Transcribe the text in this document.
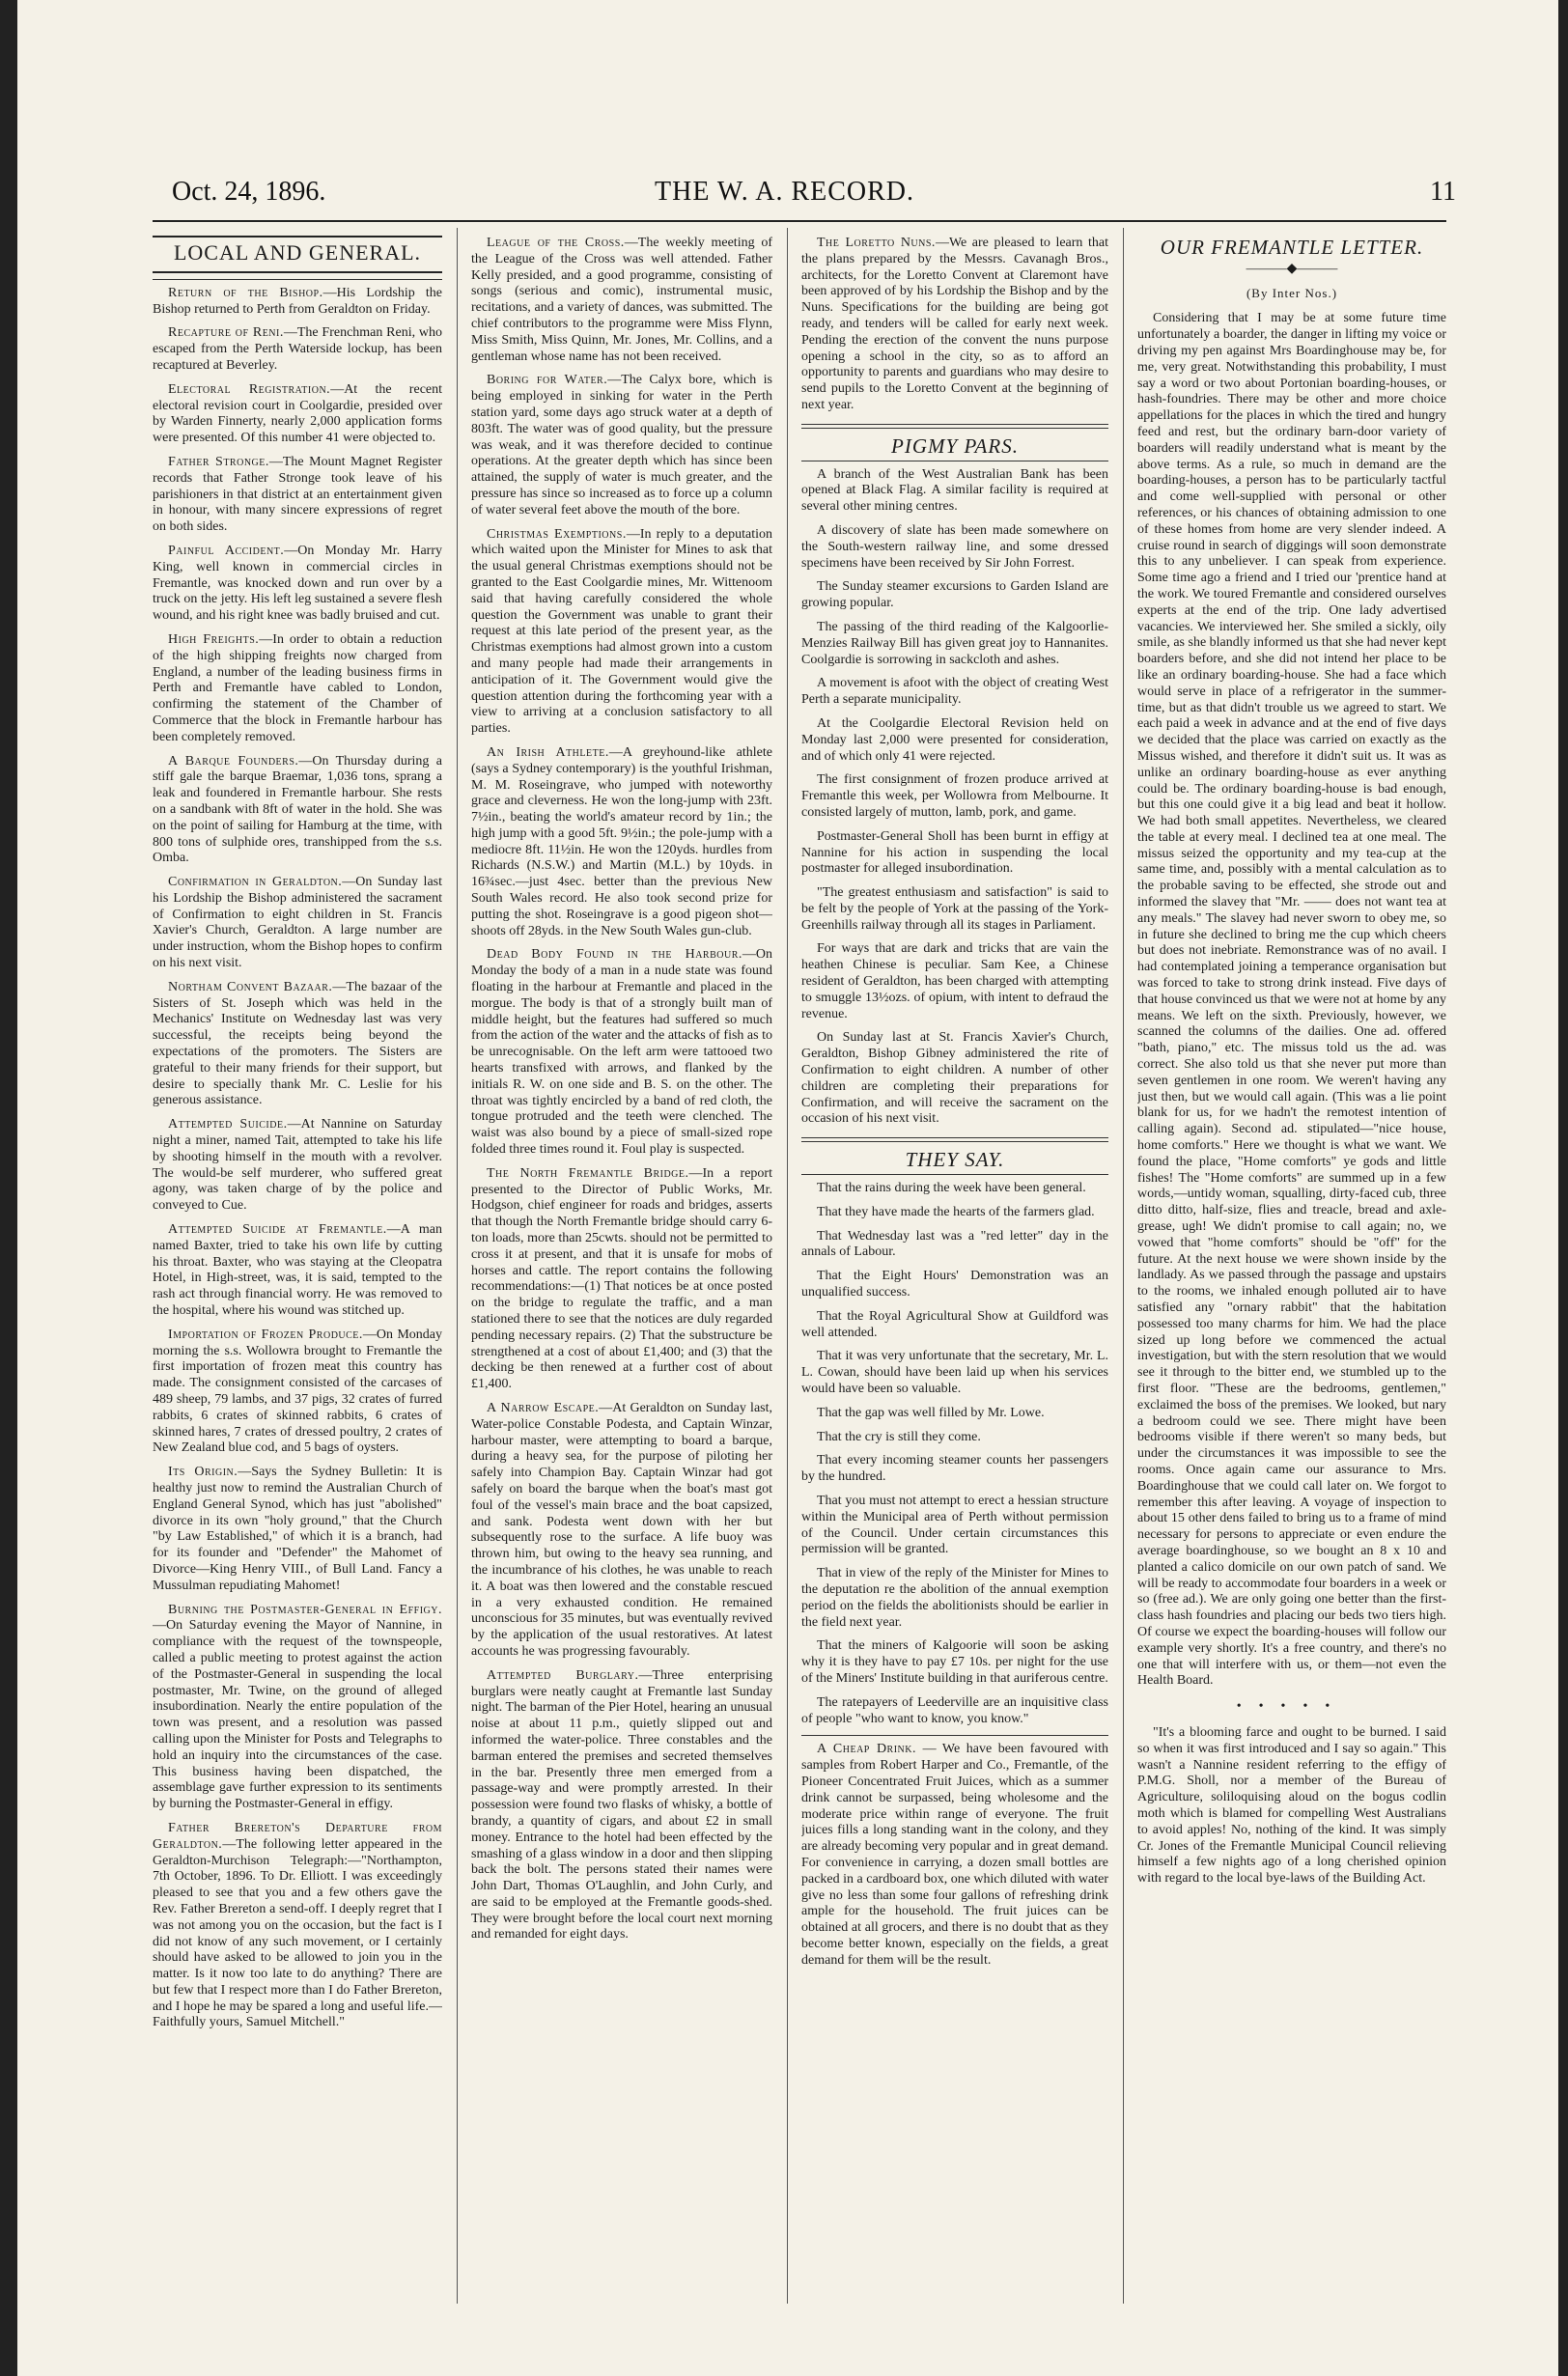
Oct. 24, 1896.	THE W. A. RECORD.	11
LOCAL AND GENERAL.

Return of the Bishop.—His Lordship the Bishop returned to Perth from Geraldton on Friday.

Recapture of Reni.—The Frenchman Reni, who escaped from the Perth Waterside lockup, has been recaptured at Beverley.

Electoral Registration.—At the recent electoral revision court in Coolgardie, presided over by Warden Finnerty, nearly 2,000 application forms were presented. Of this number 41 were objected to.

Father Stronge.—The Mount Magnet Register records that Father Stronge took leave of his parishioners in that district at an entertainment given in honour, with many sincere expressions of regret on both sides.

Painful Accident.—On Monday Mr. Harry King, well known in commercial circles in Fremantle, was knocked down and run over by a truck on the jetty. His left leg sustained a severe flesh wound, and his right knee was badly bruised and cut.

High Freights.—In order to obtain a reduction of the high shipping freights now charged from England, a number of the leading business firms in Perth and Fremantle have cabled to London, confirming the statement of the Chamber of Commerce that the block in Fremantle harbour has been completely removed.

A Barque Founders.—On Thursday during a stiff gale the barque Braemar, 1,036 tons, sprang a leak and foundered in Fremantle harbour. She rests on a sandbank with 8ft of water in the hold. She was on the point of sailing for Hamburg at the time, with 800 tons of sulphide ores, transhipped from the s.s. Omba.

Confirmation in Geraldton.—On Sunday last his Lordship the Bishop administered the sacrament of Confirmation to eight children in St. Francis Xavier's Church, Geraldton. A large number are under instruction, whom the Bishop hopes to confirm on his next visit.

Northam Convent Bazaar.—The bazaar of the Sisters of St. Joseph which was held in the Mechanics' Institute on Wednesday last was very successful, the receipts being beyond the expectations of the promoters. The Sisters are grateful to their many friends for their support, but desire to specially thank Mr. C. Leslie for his generous assistance.

Attempted Suicide.—At Nannine on Saturday night a miner, named Tait, attempted to take his life by shooting himself in the mouth with a revolver. The would-be self murderer, who suffered great agony, was taken charge of by the police and conveyed to Cue.

Attempted Suicide at Fremantle.—A man named Baxter, tried to take his own life by cutting his throat. Baxter, who was staying at the Cleopatra Hotel, in High-street, was, it is said, tempted to the rash act through financial worry. He was removed to the hospital, where his wound was stitched up.

Importation of Frozen Produce.—On Monday morning the s.s. Wollowra brought to Fremantle the first importation of frozen meat this country has made. The consignment consisted of the carcases of 489 sheep, 79 lambs, and 37 pigs, 32 crates of furred rabbits, 6 crates of skinned rabbits, 6 crates of skinned hares, 7 crates of dressed poultry, 2 crates of New Zealand blue cod, and 5 bags of oysters.

Its Origin.—Says the Sydney Bulletin: It is healthy just now to remind the Australian Church of England General Synod, which has just "abolished" divorce in its own "holy ground," that the Church "by Law Established," of which it is a branch, had for its founder and "Defender" the Mahomet of Divorce—King Henry VIII., of Bull Land. Fancy a Mussulman repudiating Mahomet!

Burning the Postmaster-General in Effigy.—On Saturday evening the Mayor of Nannine, in compliance with the request of the townspeople, called a public meeting to protest against the action of the Postmaster-General in suspending the local postmaster, Mr. Twine, on the ground of alleged insubordination. Nearly the entire population of the town was present, and a resolution was passed calling upon the Minister for Posts and Telegraphs to hold an inquiry into the circumstances of the case. This business having been dispatched, the assemblage gave further expression to its sentiments by burning the Postmaster-General in effigy.

Father Brereton's Departure from Geraldton.—The following letter appeared in the Geraldton-Murchison Telegraph:—"Northampton, 7th October, 1896. To Dr. Elliott. I was exceedingly pleased to see that you and a few others gave the Rev. Father Brereton a send-off. I deeply regret that I was not among you on the occasion, but the fact is I did not know of any such movement, or I certainly should have asked to be allowed to join you in the matter. Is it now too late to do anything? There are but few that I respect more than I do Father Brereton, and I hope he may be spared a long and useful life.—Faithfully yours, Samuel Mitchell."

League of the Cross.—The weekly meeting of the League of the Cross was well attended. Father Kelly presided, and a good programme, consisting of songs (serious and comic), instrumental music, recitations, and a variety of dances, was submitted. The chief contributors to the programme were Miss Flynn, Miss Smith, Miss Quinn, Mr. Jones, Mr. Collins, and a gentleman whose name has not been received.

Boring for Water.—The Calyx bore, which is being employed in sinking for water in the Perth station yard, some days ago struck water at a depth of 803ft. The water was of good quality, but the pressure was weak, and it was therefore decided to continue operations. At the greater depth which has since been attained, the supply of water is much greater, and the pressure has since so increased as to force up a column of water several feet above the mouth of the bore.

Christmas Exemptions.—In reply to a deputation which waited upon the Minister for Mines to ask that the usual general Christmas exemptions should not be granted to the East Coolgardie mines, Mr. Wittenoom said that having carefully considered the whole question the Government was unable to grant their request at this late period of the present year, as the Christmas exemptions had almost grown into a custom and many people had made their arrangements in anticipation of it. The Government would give the question attention during the forthcoming year with a view to arriving at a conclusion satisfactory to all parties.

An Irish Athlete.—A greyhound-like athlete (says a Sydney contemporary) is the youthful Irishman, M. M. Roseingrave, who jumped with noteworthy grace and cleverness. He won the long-jump with 23ft. 7½in., beating the world's amateur record by 1in.; the high jump with a good 5ft. 9½in.; the pole-jump with a mediocre 8ft. 11½in. He won the 120yds. hurdles from Richards (N.S.W.) and Martin (M.L.) by 10yds. in 16¾sec.—just 4sec. better than the previous New South Wales record. He also took second prize for putting the shot. Roseingrave is a good pigeon shot—shoots off 28yds. in the New South Wales gun-club.

Dead Body Found in the Harbour.—On Monday the body of a man in a nude state was found floating in the harbour at Fremantle and placed in the morgue. The body is that of a strongly built man of middle height, but the features had suffered so much from the action of the water and the attacks of fish as to be unrecognisable. On the left arm were tattooed two hearts transfixed with arrows, and flanked by the initials R. W. on one side and B. S. on the other. The throat was tightly encircled by a band of red cloth, the tongue protruded and the teeth were clenched. The waist was also bound by a piece of small-sized rope folded three times round it. Foul play is suspected.

The North Fremantle Bridge.—In a report presented to the Director of Public Works, Mr. Hodgson, chief engineer for roads and bridges, asserts that though the North Fremantle bridge should carry 6-ton loads, more than 25cwts. should not be permitted to cross it at present, and that it is unsafe for mobs of horses and cattle. The report contains the following recommendations:—(1) That notices be at once posted on the bridge to regulate the traffic, and a man stationed there to see that the notices are duly regarded pending necessary repairs. (2) That the substructure be strengthened at a cost of about £1,400; and (3) that the decking be then renewed at a further cost of about £1,400.

A Narrow Escape.—At Geraldton on Sunday last, Water-police Constable Podesta, and Captain Winzar, harbour master, were attempting to board a barque, during a heavy sea, for the purpose of piloting her safely into Champion Bay. Captain Winzar had got safely on board the barque when the boat's mast got foul of the vessel's main brace and the boat capsized, and sank. Podesta went down with her but subsequently rose to the surface. A life buoy was thrown him, but owing to the heavy sea running, and the incumbrance of his clothes, he was unable to reach it. A boat was then lowered and the constable rescued in a very exhausted condition. He remained unconscious for 35 minutes, but was eventually revived by the application of the usual restoratives. At latest accounts he was progressing favourably.

Attempted Burglary.—Three enterprising burglars were neatly caught at Fremantle last Sunday night. The barman of the Pier Hotel, hearing an unusual noise at about 11 p.m., quietly slipped out and informed the water-police. Three constables and the barman entered the premises and secreted themselves in the bar. Presently three men emerged from a passage-way and were promptly arrested. In their possession were found two flasks of whisky, a bottle of brandy, a quantity of cigars, and about £2 in small money. Entrance to the hotel had been effected by the smashing of a glass window in a door and then slipping back the bolt. The persons stated their names were John Dart, Thomas O'Laughlin, and John Curly, and are said to be employed at the Fremantle goods-shed. They were brought before the local court next morning and remanded for eight days.

The Loretto Nuns.—We are pleased to learn that the plans prepared by the Messrs. Cavanagh Bros., architects, for the Loretto Convent at Claremont have been approved of by his Lordship the Bishop and by the Nuns. Specifications for the building are being got ready, and tenders will be called for early next week. Pending the erection of the convent the nuns purpose opening a school in the city, so as to afford an opportunity to parents and guardians who may desire to send pupils to the Loretto Convent at the beginning of next year.

PIGMY PARS.

A branch of the West Australian Bank has been opened at Black Flag. A similar facility is required at several other mining centres.

A discovery of slate has been made somewhere on the South-western railway line, and some dressed specimens have been received by Sir John Forrest.

The Sunday steamer excursions to Garden Island are growing popular.

The passing of the third reading of the Kalgoorlie-Menzies Railway Bill has given great joy to Hannanites. Coolgardie is sorrowing in sackcloth and ashes.

A movement is afoot with the object of creating West Perth a separate municipality.

At the Coolgardie Electoral Revision held on Monday last 2,000 were presented for consideration, and of which only 41 were rejected.

The first consignment of frozen produce arrived at Fremantle this week, per Wollowra from Melbourne. It consisted largely of mutton, lamb, pork, and game.

Postmaster-General Sholl has been burnt in effigy at Nannine for his action in suspending the local postmaster for alleged insubordination.

"The greatest enthusiasm and satisfaction" is said to be felt by the people of York at the passing of the York-Greenhills railway through all its stages in Parliament.

For ways that are dark and tricks that are vain the heathen Chinese is peculiar. Sam Kee, a Chinese resident of Geraldton, has been charged with attempting to smuggle 13½ozs. of opium, with intent to defraud the revenue.

On Sunday last at St. Francis Xavier's Church, Geraldton, Bishop Gibney administered the rite of Confirmation to eight children. A number of other children are completing their preparations for Confirmation, and will receive the sacrament on the occasion of his next visit.

THEY SAY.

That the rains during the week have been general.

That they have made the hearts of the farmers glad.

That Wednesday last was a "red letter" day in the annals of Labour.

That the Eight Hours' Demonstration was an unqualified success.

That the Royal Agricultural Show at Guildford was well attended.

That it was very unfortunate that the secretary, Mr. L. L. Cowan, should have been laid up when his services would have been so valuable.

That the gap was well filled by Mr. Lowe.

That the cry is still they come.

That every incoming steamer counts her passengers by the hundred.

That you must not attempt to erect a hessian structure within the Municipal area of Perth without permission of the Council. Under certain circumstances this permission will be granted.

That in view of the reply of the Minister for Mines to the deputation re the abolition of the annual exemption period on the fields the abolitionists should be earlier in the field next year.

That the miners of Kalgoorie will soon be asking why it is they have to pay £7 10s. per night for the use of the Miners' Institute building in that auriferous centre.

The ratepayers of Leederville are an inquisitive class of people "who want to know, you know."

A Cheap Drink. — We have been favoured with samples from Robert Harper and Co., Fremantle, of the Pioneer Concentrated Fruit Juices, which as a summer drink cannot be surpassed, being wholesome and the moderate price within range of everyone. The fruit juices fills a long standing want in the colony, and they are already becoming very popular and in great demand. For convenience in carrying, a dozen small bottles are packed in a cardboard box, one which diluted with water give no less than some four gallons of refreshing drink ample for the household. The fruit juices can be obtained at all grocers, and there is no doubt that as they become better known, especially on the fields, a great demand for them will be the result.

OUR FREMANTLE LETTER.
———◆———
(By Inter Nos.)

Considering that I may be at some future time unfortunately a boarder, the danger in lifting my voice or driving my pen against Mrs Boardinghouse may be, for me, very great. Notwithstanding this probability, I must say a word or two about Portonian boarding-houses, or hash-foundries. There may be other and more choice appellations for the places in which the tired and hungry feed and rest, but the ordinary barn-door variety of boarders will readily understand what is meant by the above terms. As a rule, so much in demand are the boarding-houses, a person has to be particularly tactful and come well-supplied with personal or other references, or his chances of obtaining admission to one of these homes from home are very slender indeed. A cruise round in search of diggings will soon demonstrate this to any unbeliever. I can speak from experience. Some time ago a friend and I tried our 'prentice hand at the work. We toured Fremantle and considered ourselves experts at the end of the trip. One lady advertised vacancies. We interviewed her. She smiled a sickly, oily smile, as she blandly informed us that she had never kept boarders before, and she did not intend her place to be like an ordinary boarding-house. She had a face which would serve in place of a refrigerator in the summer-time, but as that didn't trouble us we agreed to start. We each paid a week in advance and at the end of five days we decided that the place was carried on exactly as the Missus wished, and therefore it didn't suit us. It was as unlike an ordinary boarding-house as ever anything could be. The ordinary boarding-house is bad enough, but this one could give it a big lead and beat it hollow. We had both small appetites. Nevertheless, we cleared the table at every meal. I declined tea at one meal. The missus seized the opportunity and my tea-cup at the same time, and, possibly with a mental calculation as to the probable saving to be effected, she strode out and informed the slavey that "Mr. —— does not want tea at any meals." The slavey had never sworn to obey me, so in future she declined to bring me the cup which cheers but does not inebriate. Remonstrance was of no avail. I had contemplated joining a temperance organisation but was forced to take to strong drink instead. Five days of that house convinced us that we were not at home by any means. We left on the sixth. Previously, however, we scanned the columns of the dailies. One ad. offered "bath, piano," etc. The missus told us the ad. was correct. She also told us that she never put more than seven gentlemen in one room. We weren't having any just then, but we would call again. (This was a lie point blank for us, for we hadn't the remotest intention of calling again). Second ad. stipulated—"nice house, home comforts." Here we thought is what we want. We found the place, "Home comforts" ye gods and little fishes! The "Home comforts" are summed up in a few words,—untidy woman, squalling, dirty-faced cub, three ditto ditto, half-size, flies and treacle, bread and axle-grease, ugh! We didn't promise to call again; no, we vowed that "home comforts" should be "off" for the future. At the next house we were shown inside by the landlady. As we passed through the passage and upstairs to the rooms, we inhaled enough polluted air to have satisfied any "ornary rabbit" that the habitation possessed too many charms for him. We had the place sized up long before we commenced the actual investigation, but with the stern resolution that we would see it through to the bitter end, we stumbled up to the first floor. "These are the bedrooms, gentlemen," exclaimed the boss of the premises. We looked, but nary a bedroom could we see. There might have been bedrooms visible if there weren't so many beds, but under the circumstances it was impossible to see the rooms. Once again came our assurance to Mrs. Boardinghouse that we could call later on. We forgot to remember this after leaving. A voyage of inspection to about 15 other dens failed to bring us to a frame of mind necessary for persons to appreciate or even endure the average boardinghouse, so we bought an 8 x 10 and planted a calico domicile on our own patch of sand. We will be ready to accommodate four boarders in a week or so (free ad.). We are only going one better than the first-class hash foundries and placing our beds two tiers high. Of course we expect the boarding-houses will follow our example very shortly. It's a free country, and there's no one that will interfere with us, or them—not even the Health Board.

•••••

"It's a blooming farce and ought to be burned. I said so when it was first introduced and I say so again." This wasn't a Nannine resident referring to the effigy of P.M.G. Sholl, nor a member of the Bureau of Agriculture, soliloquising aloud on the bogus codlin moth which is blamed for compelling West Australians to avoid apples! No, nothing of the kind. It was simply Cr. Jones of the Fremantle Municipal Council relieving himself a few nights ago of a long cherished opinion with regard to the local bye-laws of the Building Act.
